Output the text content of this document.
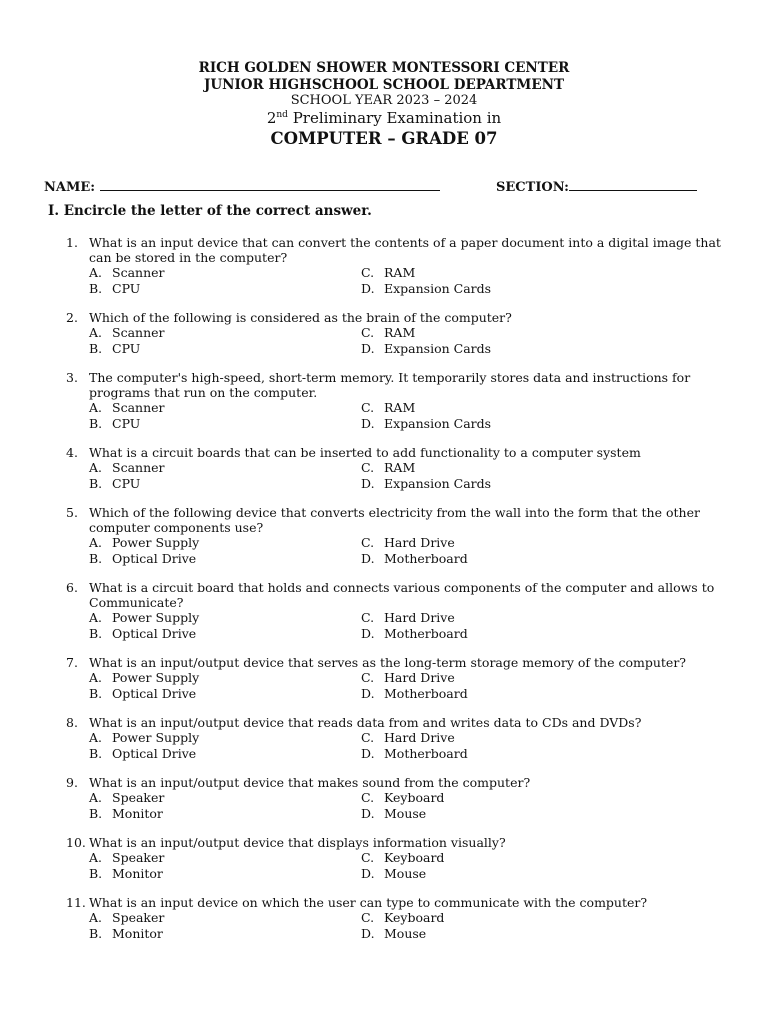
RICH GOLDEN SHOWER MONTESSORI CENTER
JUNIOR HIGHSCHOOL SCHOOL DEPARTMENT
SCHOOL YEAR 2023 – 2024
2nd Preliminary Examination in
COMPUTER – GRADE 07
NAME:	SECTION:
I. Encircle the letter of the correct answer.
1. What is an input device that can convert the contents of a paper document into a digital image that can be stored in the computer?
A. Scanner
B. CPU
C. RAM
D. Expansion Cards
2. Which of the following is considered as the brain of the computer?
A. Scanner
B. CPU
C. RAM
D. Expansion Cards
3. The computer's high-speed, short-term memory. It temporarily stores data and instructions for programs that run on the computer.
A. Scanner
B. CPU
C. RAM
D. Expansion Cards
4. What is a circuit boards that can be inserted to add functionality to a computer system
A. Scanner
B. CPU
C. RAM
D. Expansion Cards
5. Which of the following device that converts electricity from the wall into the form that the other computer components use?
A. Power Supply
B. Optical Drive
C. Hard Drive
D. Motherboard
6. What is a circuit board that holds and connects various components of the computer and allows to Communicate?
A. Power Supply
B. Optical Drive
C. Hard Drive
D. Motherboard
7. What is an input/output device that serves as the long-term storage memory of the computer?
A. Power Supply
B. Optical Drive
C. Hard Drive
D. Motherboard
8. What is an input/output device that reads data from and writes data to CDs and DVDs?
A. Power Supply
B. Optical Drive
C. Hard Drive
D. Motherboard
9. What is an input/output device that makes sound from the computer?
A. Speaker
B. Monitor
C. Keyboard
D. Mouse
10. What is an input/output device that displays information visually?
A. Speaker
B. Monitor
C. Keyboard
D. Mouse
11. What is an input device on which the user can type to communicate with the computer?
A. Speaker
B. Monitor
C. Keyboard
D. Mouse
